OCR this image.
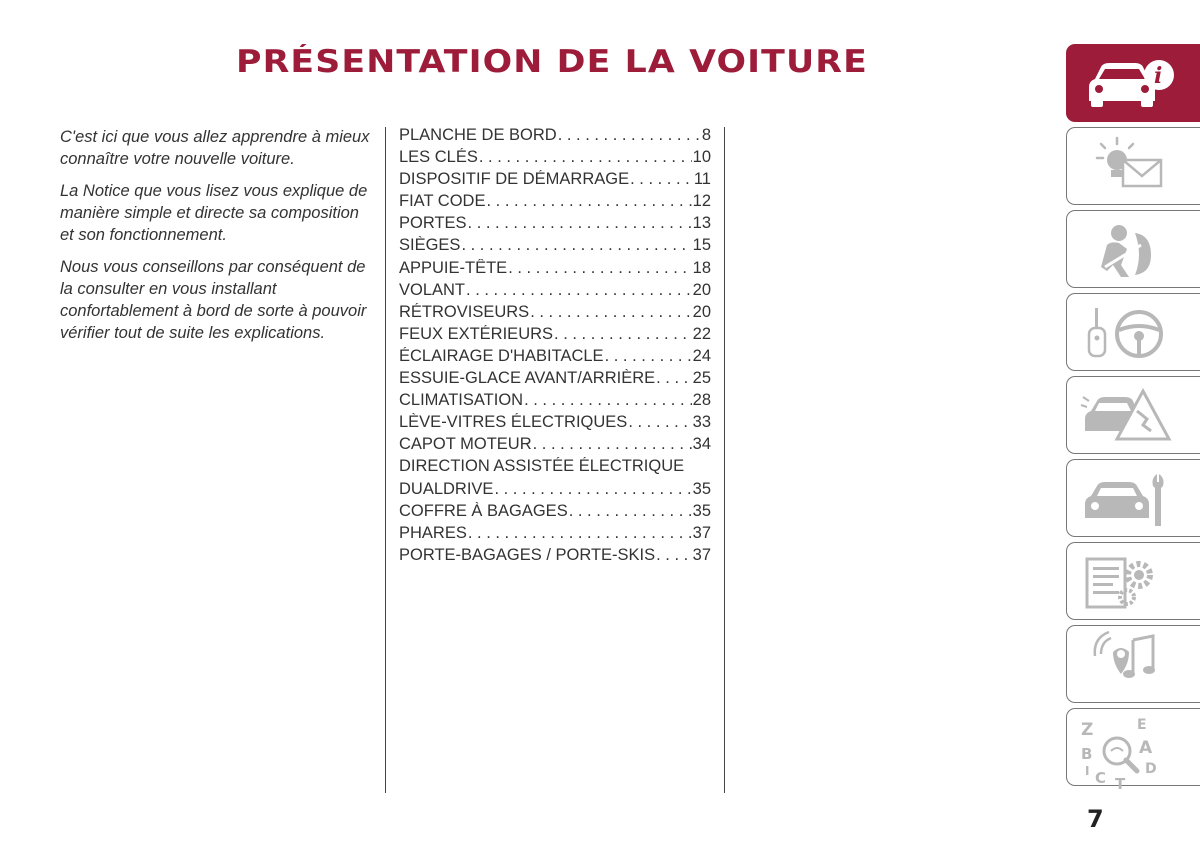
PRÉSENTATION DE LA VOITURE

C'est ici que vous allez apprendre à mieux connaître votre nouvelle voiture.

La Notice que vous lisez vous explique de manière simple et directe sa composition et son fonctionnement.

Nous vous conseillons par conséquent de la consulter en vous installant confortablement à bord de sorte à pouvoir vérifier tout de suite les explications.

PLANCHE DE BORD . . .	8
LES CLÉS . . .	10
DISPOSITIF DE DÉMARRAGE . . .	11
FIAT CODE . . .	12
PORTES . . .	13
SIÈGES . . .	15
APPUIE-TÊTE . . .	18
VOLANT . . .	20
RÉTROVISEURS . . .	20
FEUX EXTÉRIEURS . . .	22
ÉCLAIRAGE D'HABITACLE . . .	24
ESSUIE-GLACE AVANT/ARRIÈRE . . . 25
CLIMATISATION . . .	28
LÈVE-VITRES ÉLECTRIQUES . . .	33
CAPOT MOTEUR . . .	34
DIRECTION ASSISTÉE ÉLECTRIQUE
DUALDRIVE . . .	35
COFFRE À BAGAGES . . .	35
PHARES . . .	37
PORTE-BAGAGES / PORTE-SKIS . . . 37
i
Z	E
B	A
C T
D
I
7
